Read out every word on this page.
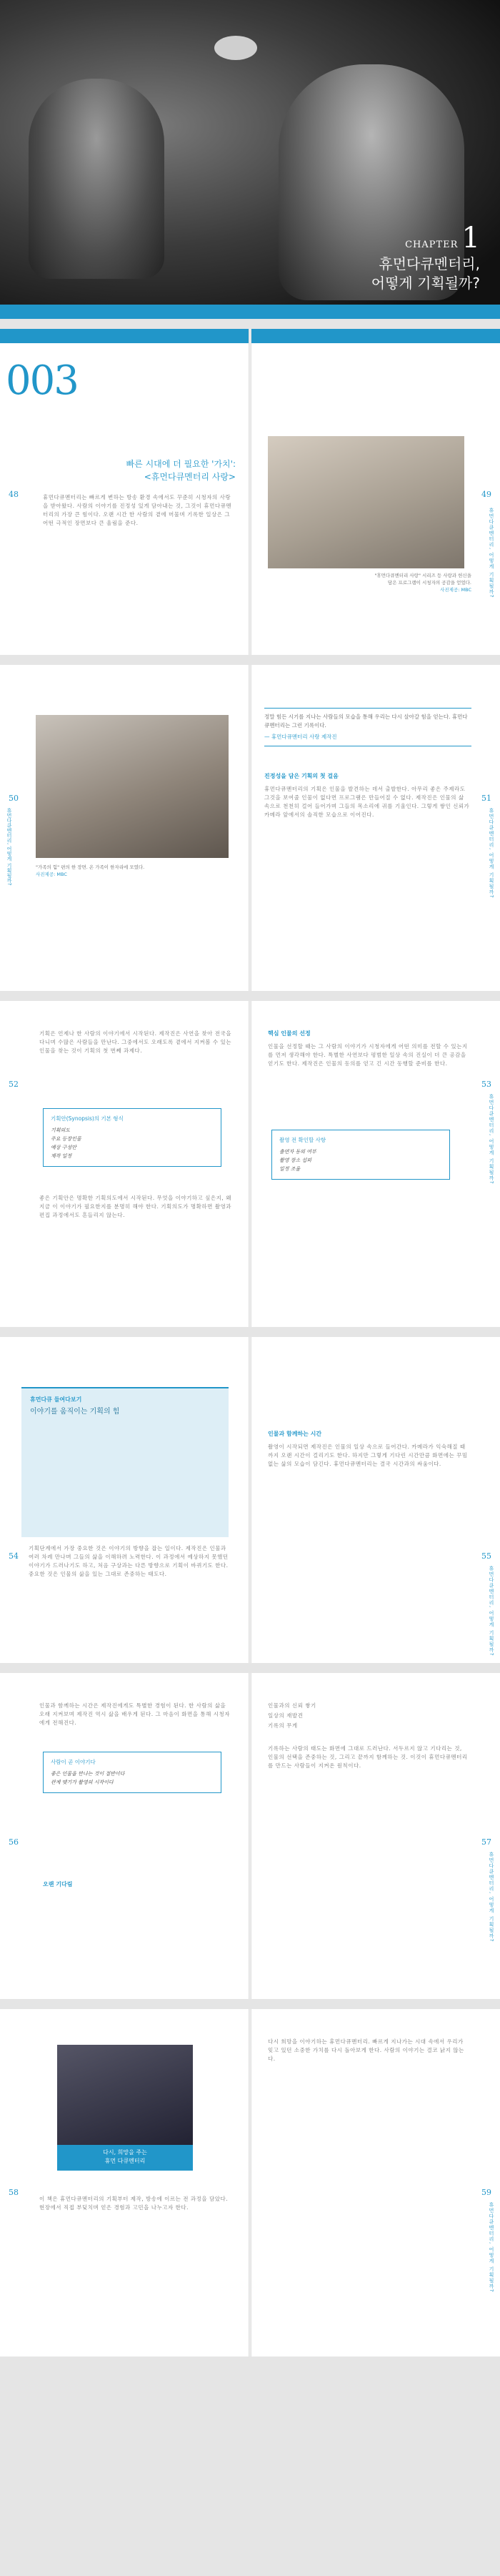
CHAPTER 1
휴먼다큐멘터리,
어떻게 기획될까?
003
48	49
휴먼다큐멘터리, 어떻게 기획될까?
빠른 시대에 더 필요한 '가치':
<휴먼다큐멘터리 사랑>
휴먼다큐멘터리는 빠르게 변하는 방송 환경 속에서도 꾸준히 시청자의 사랑을 받아왔다. 사람의 이야기를 진정성 있게 담아내는 것, 그것이 휴먼다큐멘터리의 가장 큰 힘이다. 오랜 시간 한 사람의 곁에 머물며 기록한 일상은 그 어떤 극적인 장면보다 큰 울림을 준다.
"휴먼다큐멘터리 사랑" 시리즈 등 사랑과 헌신을 담은 프로그램이 시청자의 공감을 얻었다.
사진제공: MBC
50	51
휴먼다큐멘터리, 어떻게 기획될까?	휴먼다큐멘터리, 어떻게 기획될까?
"가족의 힘" 편의 한 장면. 온 가족이 한자리에 모였다.
사진제공: MBC
정말 힘든 시기를 지나는 사람들의 모습을 통해 우리는 다시 살아갈 힘을 얻는다. 휴먼다큐멘터리는 그런 기록이다.
— 휴먼다큐멘터리 사랑 제작진
진정성을 담은 기획의 첫 걸음
휴먼다큐멘터리의 기획은 인물을 발견하는 데서 출발한다. 아무리 좋은 주제라도 그것을 보여줄 인물이 없다면 프로그램은 만들어질 수 없다. 제작진은 인물의 삶 속으로 천천히 걸어 들어가며 그들의 목소리에 귀를 기울인다. 그렇게 쌓인 신뢰가 카메라 앞에서의 솔직한 모습으로 이어진다.
52	53
휴먼다큐멘터리, 어떻게 기획될까?
기획은 언제나 한 사람의 이야기에서 시작된다. 제작진은 사연을 찾아 전국을 다니며 수많은 사람들을 만난다. 그중에서도 오래도록 곁에서 지켜볼 수 있는 인물을 찾는 것이 기획의 첫 번째 과제다.
기획안(Synopsis)의 기본 형식
기획의도
주요 등장인물
예상 구성안
제작 일정
좋은 기획안은 명확한 기획의도에서 시작된다. 무엇을 이야기하고 싶은지, 왜 지금 이 이야기가 필요한지를 분명히 해야 한다. 기획의도가 명확하면 촬영과 편집 과정에서도 흔들리지 않는다.
핵심 인물의 선정
인물을 선정할 때는 그 사람의 이야기가 시청자에게 어떤 의미를 전할 수 있는지를 먼저 생각해야 한다. 특별한 사연보다 평범한 일상 속의 진실이 더 큰 공감을 얻기도 한다. 제작진은 인물의 동의를 얻고 긴 시간 동행할 준비를 한다.
촬영 전 확인할 사항
출연자 동의 여부
촬영 장소 섭외
일정 조율
54	55
휴먼다큐멘터리, 어떻게 기획될까?
휴먼다큐 들여다보기
이야기를 움직이는 기획의 힘
기획단계에서 가장 중요한 것은 이야기의 방향을 잡는 일이다. 제작진은 인물과 여러 차례 만나며 그들의 삶을 이해하려 노력한다. 이 과정에서 예상하지 못했던 이야기가 드러나기도 하고, 처음 구상과는 다른 방향으로 기획이 바뀌기도 한다. 중요한 것은 인물의 삶을 있는 그대로 존중하는 태도다.
인물과 함께하는 시간
촬영이 시작되면 제작진은 인물의 일상 속으로 들어간다. 카메라가 익숙해질 때까지 오랜 시간이 걸리기도 한다. 하지만 그렇게 기다린 시간만큼 화면에는 꾸밈없는 삶의 모습이 담긴다. 휴먼다큐멘터리는 결국 시간과의 싸움이다.
56	57
휴먼다큐멘터리, 어떻게 기획될까?
인물과 함께하는 시간은 제작진에게도 특별한 경험이 된다. 한 사람의 삶을 오래 지켜보며 제작진 역시 삶을 배우게 된다. 그 마음이 화면을 통해 시청자에게 전해진다.
사람이 곧 이야기다
좋은 인물을 만나는 것이 절반이다
관계 맺기가 촬영의 시작이다
오랜 기다림

인물과의 신뢰 쌓기

일상의 재발견

기록의 무게

기록하는 사람의 태도는 화면에 그대로 드러난다. 서두르지 않고 기다리는 것, 인물의 선택을 존중하는 것, 그리고 끝까지 함께하는 것. 이것이 휴먼다큐멘터리를 만드는 사람들이 지켜온 원칙이다.
58	59
휴먼다큐멘터리, 어떻게 기획될까?
다시, 희망을 주는
휴먼 다큐멘터리
이 책은 휴먼다큐멘터리의 기획부터 제작, 방송에 이르는 전 과정을 담았다. 현장에서 직접 부딪치며 얻은 경험과 고민을 나누고자 한다.
다시 희망을 이야기하는 휴먼다큐멘터리. 빠르게 지나가는 시대 속에서 우리가 잊고 있던 소중한 가치를 다시 돌아보게 한다. 사람의 이야기는 결코 낡지 않는다.
